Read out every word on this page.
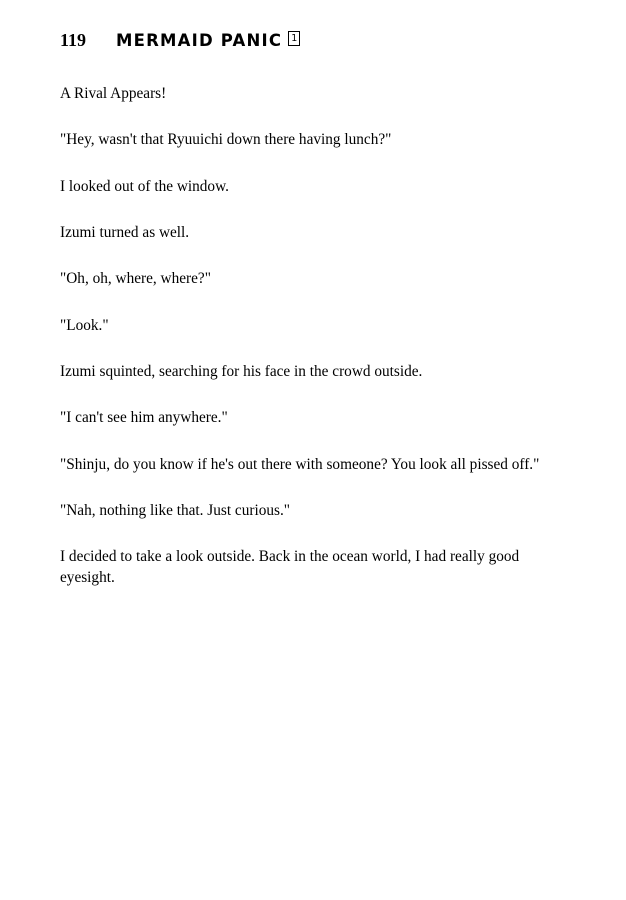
119 MERMAID PANIC 1

A Rival Appears!

"Hey, wasn't that Ryuuichi down there having lunch?"

I looked out of the window.

Izumi turned as well.

"Oh, oh, where, where?"

"Look."

Izumi squinted, searching for his face in the crowd outside.

"I can't see him anywhere."

"Shinju, do you know if he's out there with someone? You look all pissed off."

"Nah, nothing like that. Just curious."

I decided to take a look outside. Back in the ocean world, I had really good eyesight.
